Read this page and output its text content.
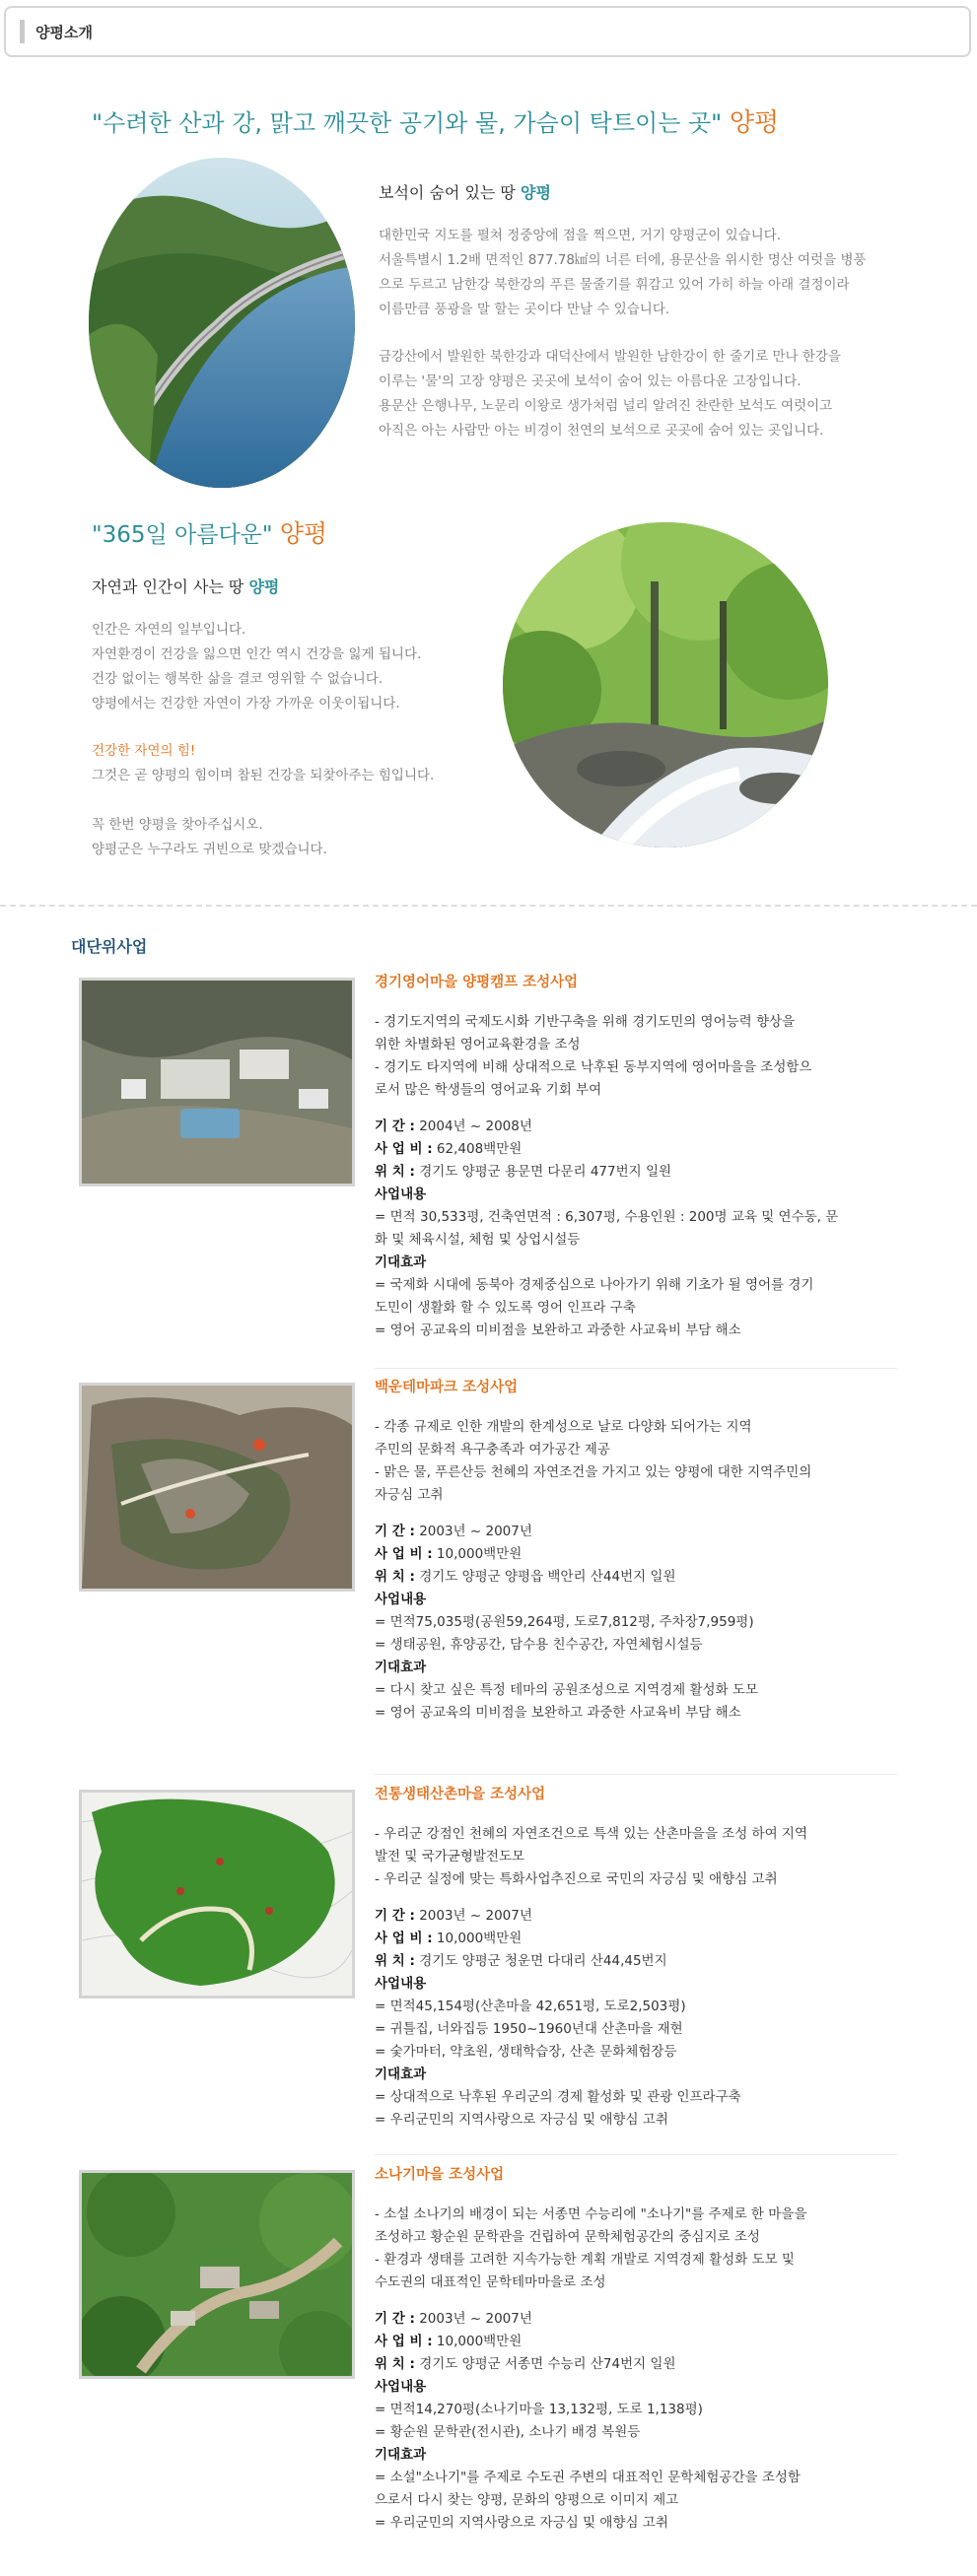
양평소개
"수려한 산과 강, 맑고 깨끗한 공기와 물, 가슴이 탁트이는 곳" 양평
보석이 숨어 있는 땅 양평
대한민국 지도를 펼쳐 정중앙에 점을 찍으면, 거기 양평군이 있습니다.
서울특별시 1.2배 면적인 877.78㎢의 너른 터에, 용문산을 위시한 명산 여럿을 병풍
으로 두르고 남한강 북한강의 푸른 물줄기를 휘감고 있어 가히 하늘 아래 결정이라
이름만큼 풍광을 말 할는 곳이다 만날 수 있습니다.
금강산에서 발원한 북한강과 대덕산에서 발원한 남한강이 한 줄기로 만나 한강을
이루는 '물'의 고장 양평은 곳곳에 보석이 숨어 있는 아름다운 고장입니다.
용문산 은행나무, 노문리 이왕로 생가처럼 널리 알려진 찬란한 보석도 여럿이고
아직은 아는 사람만 아는 비경이 천연의 보석으로 곳곳에 숨어 있는 곳입니다.
"365일 아름다운" 양평
자연과 인간이 사는 땅 양평
인간은 자연의 일부입니다.
자연환경이 건강을 잃으면 인간 역시 건강을 잃게 됩니다.
건강 없이는 행복한 삶을 결코 영위할 수 없습니다.
양평에서는 건강한 자연이 가장 가까운 이웃이됩니다.
건강한 자연의 힘!
그것은 곧 양평의 힘이며 참된 건강을 되찾아주는 힘입니다.
꼭 한번 양평을 찾아주십시오.
양평군은 누구라도 귀빈으로 맞겠습니다.
대단위사업
경기영어마을 양평캠프 조성사업
- 경기도지역의 국제도시화 기반구축을 위해 경기도민의 영어능력 향상을
위한 차별화된 영어교육환경을 조성
- 경기도 타지역에 비해 상대적으로 낙후된 동부지역에 영어마을을 조성함으
로서 많은 학생들의 영어교육 기회 부여
기 간 : 2004년 ~ 2008년
사 업 비 : 62,408백만원
위 치 : 경기도 양평군 용문면 다문리 477번지 일원
사업내용
= 면적 30,533평, 건축연면적 : 6,307평, 수용인원 : 200명 교육 및 연수동, 문
화 및 체육시설, 체험 및 상업시설등
기대효과
= 국제화 시대에 동북아 경제중심으로 나아가기 위해 기초가 될 영어를 경기
도민이 생활화 할 수 있도록 영어 인프라 구축
= 영어 공교육의 미비점을 보완하고 과중한 사교육비 부담 해소
백운테마파크 조성사업
- 각종 규제로 인한 개발의 한계성으로 날로 다양화 되어가는 지역
주민의 문화적 욕구충족과 여가공간 제공
- 맑은 물, 푸른산등 천혜의 자연조건을 가지고 있는 양평에 대한 지역주민의
자긍심 고취
기 간 : 2003년 ~ 2007년
사 업 비 : 10,000백만원
위 치 : 경기도 양평군 양평읍 백안리 산44번지 일원
사업내용
= 면적75,035평(공원59,264평, 도로7,812평, 주차장7,959평)
= 생태공원, 휴양공간, 담수용 친수공간, 자연체험시설등
기대효과
= 다시 찾고 싶은 특정 테마의 공원조성으로 지역경제 활성화 도모
= 영어 공교육의 미비점을 보완하고 과중한 사교육비 부담 해소
전통생태산촌마을 조성사업
- 우리군 강점인 천혜의 자연조건으로 특색 있는 산촌마을을 조성 하여 지역
발전 및 국가균형발전도모
- 우리군 실정에 맞는 특화사업추진으로 국민의 자긍심 및 애향심 고취
기 간 : 2003년 ~ 2007년
사 업 비 : 10,000백만원
위 치 : 경기도 양평군 청운면 다대리 산44,45번지
사업내용
= 면적45,154평(산촌마을 42,651평, 도로2,503평)
= 귀틀집, 너와집등 1950~1960년대 산촌마을 재현
= 숯가마터, 약초원, 생태학습장, 산촌 문화체험장등
기대효과
= 상대적으로 낙후된 우리군의 경제 활성화 및 관광 인프라구축
= 우리군민의 지역사랑으로 자긍심 및 애향심 고취
소나기마을 조성사업
- 소설 소나기의 배경이 되는 서종면 수능리에 "소나기"를 주제로 한 마을을
조성하고 황순원 문학관을 건립하여 문학체험공간의 중심지로 조성
- 환경과 생태를 고려한 지속가능한 계획 개발로 지역경제 활성화 도모 및
수도권의 대표적인 문학테마마을로 조성
기 간 : 2003년 ~ 2007년
사 업 비 : 10,000백만원
위 치 : 경기도 양평군 서종면 수능리 산74번지 일원
사업내용
= 면적14,270평(소나기마을 13,132평, 도로 1,138평)
= 황순원 문학관(전시관), 소나기 배경 복원등
기대효과
= 소설"소나기"를 주제로 수도권 주변의 대표적인 문학체험공간을 조성함
으로서 다시 찾는 양평, 문화의 양평으로 이미지 제고
= 우리군민의 지역사랑으로 자긍심 및 애향심 고취
